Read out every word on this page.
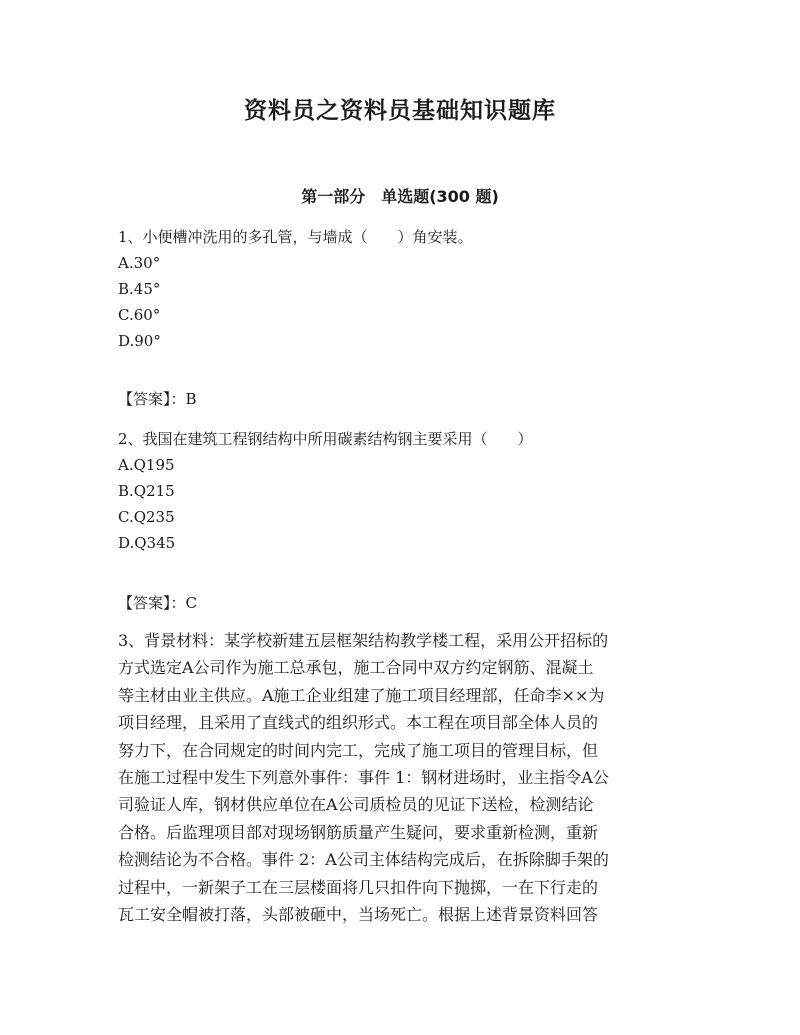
资料员之资料员基础知识题库
第一部分　单选题(300 题)
1、小便槽冲洗用的多孔管，与墙成（　　）角安装。
A.30°
B.45°
C.60°
D.90°
【答案】：B
2、我国在建筑工程钢结构中所用碳素结构钢主要采用（　　）
A.Q195
B.Q215
C.Q235
D.Q345
【答案】：C
3、背景材料：某学校新建五层框架结构教学楼工程，采用公开招标的
方式选定A公司作为施工总承包，施工合同中双方约定钢筋、混凝土
等主材由业主供应。A施工企业组建了施工项目经理部，任命李××为
项目经理，且采用了直线式的组织形式。本工程在项目部全体人员的
努力下，在合同规定的时间内完工，完成了施工项目的管理目标，但
在施工过程中发生下列意外事件：事件 1：钢材进场时，业主指令A公
司验证人库，钢材供应单位在A公司质检员的见证下送检，检测结论
合格。后监理项目部对现场钢筋质量产生疑问，要求重新检测，重新
检测结论为不合格。事件 2：A公司主体结构完成后，在拆除脚手架的
过程中，一新架子工在三层楼面将几只扣件向下抛掷，一在下行走的
瓦工安全帽被打落，头部被砸中，当场死亡。根据上述背景资料回答
